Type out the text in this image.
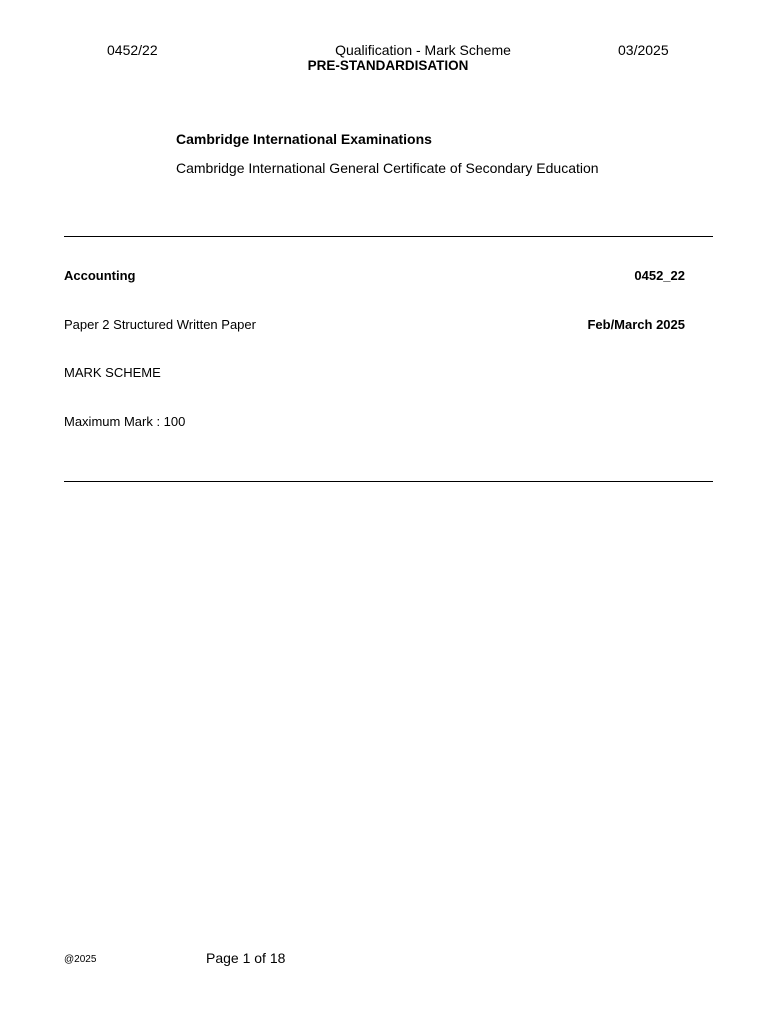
0452/22	Qualification - Mark Scheme	03/2025
PRE-STANDARDISATION
Cambridge International Examinations
Cambridge International General Certificate of Secondary Education
Accounting	0452_22
Paper 2 Structured Written Paper	Feb/March 2025
MARK SCHEME
Maximum Mark : 100
@2025	Page 1 of 18
